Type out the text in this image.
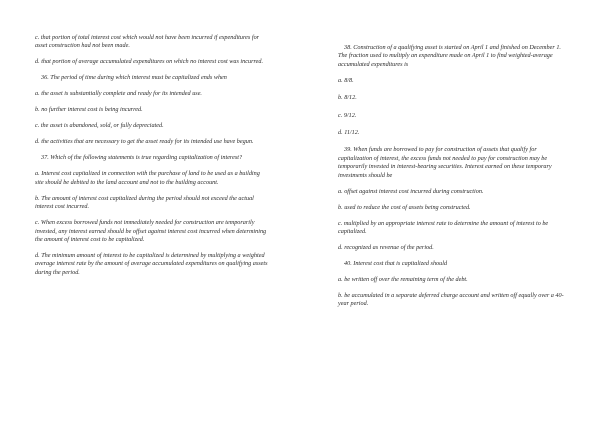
c. that portion of total interest cost which would not have been incurred if expenditures for asset construction had not been made.

d. that portion of average accumulated expenditures on which no interest cost was incurred.

36. The period of time during which interest must be capitalized ends when

a. the asset is substantially complete and ready for its intended use.

b. no further interest cost is being incurred.

c. the asset is abandoned, sold, or fully depreciated.

d. the activities that are necessary to get the asset ready for its intended use have begun.

37. Which of the following statements is true regarding capitalization of interest?

a. Interest cost capitalized in connection with the purchase of land to be used as a building site should be debited to the land account and not to the building account.

b. The amount of interest cost capitalized during the period should not exceed the actual interest cost incurred.

c. When excess borrowed funds not immediately needed for construction are temporarily invested, any interest earned should be offset against interest cost incurred when determining the amount of interest cost to be capitalized.

d. The minimum amount of interest to be capitalized is determined by multiplying a weighted average interest rate by the amount of average accumulated expenditures on qualifying assets during the period.

38. Construction of a qualifying asset is started on April 1 and finished on December 1. The fraction used to multiply an expenditure made on April 1 to find weighted-average accumulated expenditures is

a. 8/8.

b. 8/12.

c. 9/12.

d. 11/12.

39. When funds are borrowed to pay for construction of assets that qualify for capitalization of interest, the excess funds not needed to pay for construction may be temporarily invested in interest-bearing securities. Interest earned on these temporary investments should be

a. offset against interest cost incurred during construction.

b. used to reduce the cost of assets being constructed.

c. multiplied by an appropriate interest rate to determine the amount of interest to be capitalized.

d. recognized as revenue of the period.

40. Interest cost that is capitalized should

a. be written off over the remaining term of the debt.

b. be accumulated in a separate deferred charge account and written off equally over a 40-year period.
